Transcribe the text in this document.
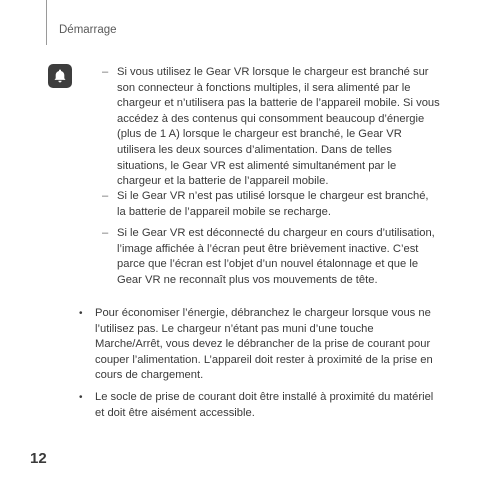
Démarrage
– Si vous utilisez le Gear VR lorsque le chargeur est branché sur son connecteur à fonctions multiples, il sera alimenté par le chargeur et n’utilisera pas la batterie de l’appareil mobile. Si vous accédez à des contenus qui consomment beaucoup d’énergie (plus de 1 A) lorsque le chargeur est branché, le Gear VR utilisera les deux sources d’alimentation. Dans de telles situations, le Gear VR est alimenté simultanément par le chargeur et la batterie de l’appareil mobile.
– Si le Gear VR n’est pas utilisé lorsque le chargeur est branché, la batterie de l’appareil mobile se recharge.
– Si le Gear VR est déconnecté du chargeur en cours d’utilisation, l’image affichée à l’écran peut être brièvement inactive. C’est parce que l’écran est l’objet d’un nouvel étalonnage et que le Gear VR ne reconnaît plus vos mouvements de tête.
•	Pour économiser l’énergie, débranchez le chargeur lorsque vous ne l’utilisez pas. Le chargeur n’étant pas muni d’une touche Marche/Arrêt, vous devez le débrancher de la prise de courant pour couper l’alimentation. L’appareil doit rester à proximité de la prise en cours de chargement.
•	Le socle de prise de courant doit être installé à proximité du matériel et doit être aisément accessible.
12
